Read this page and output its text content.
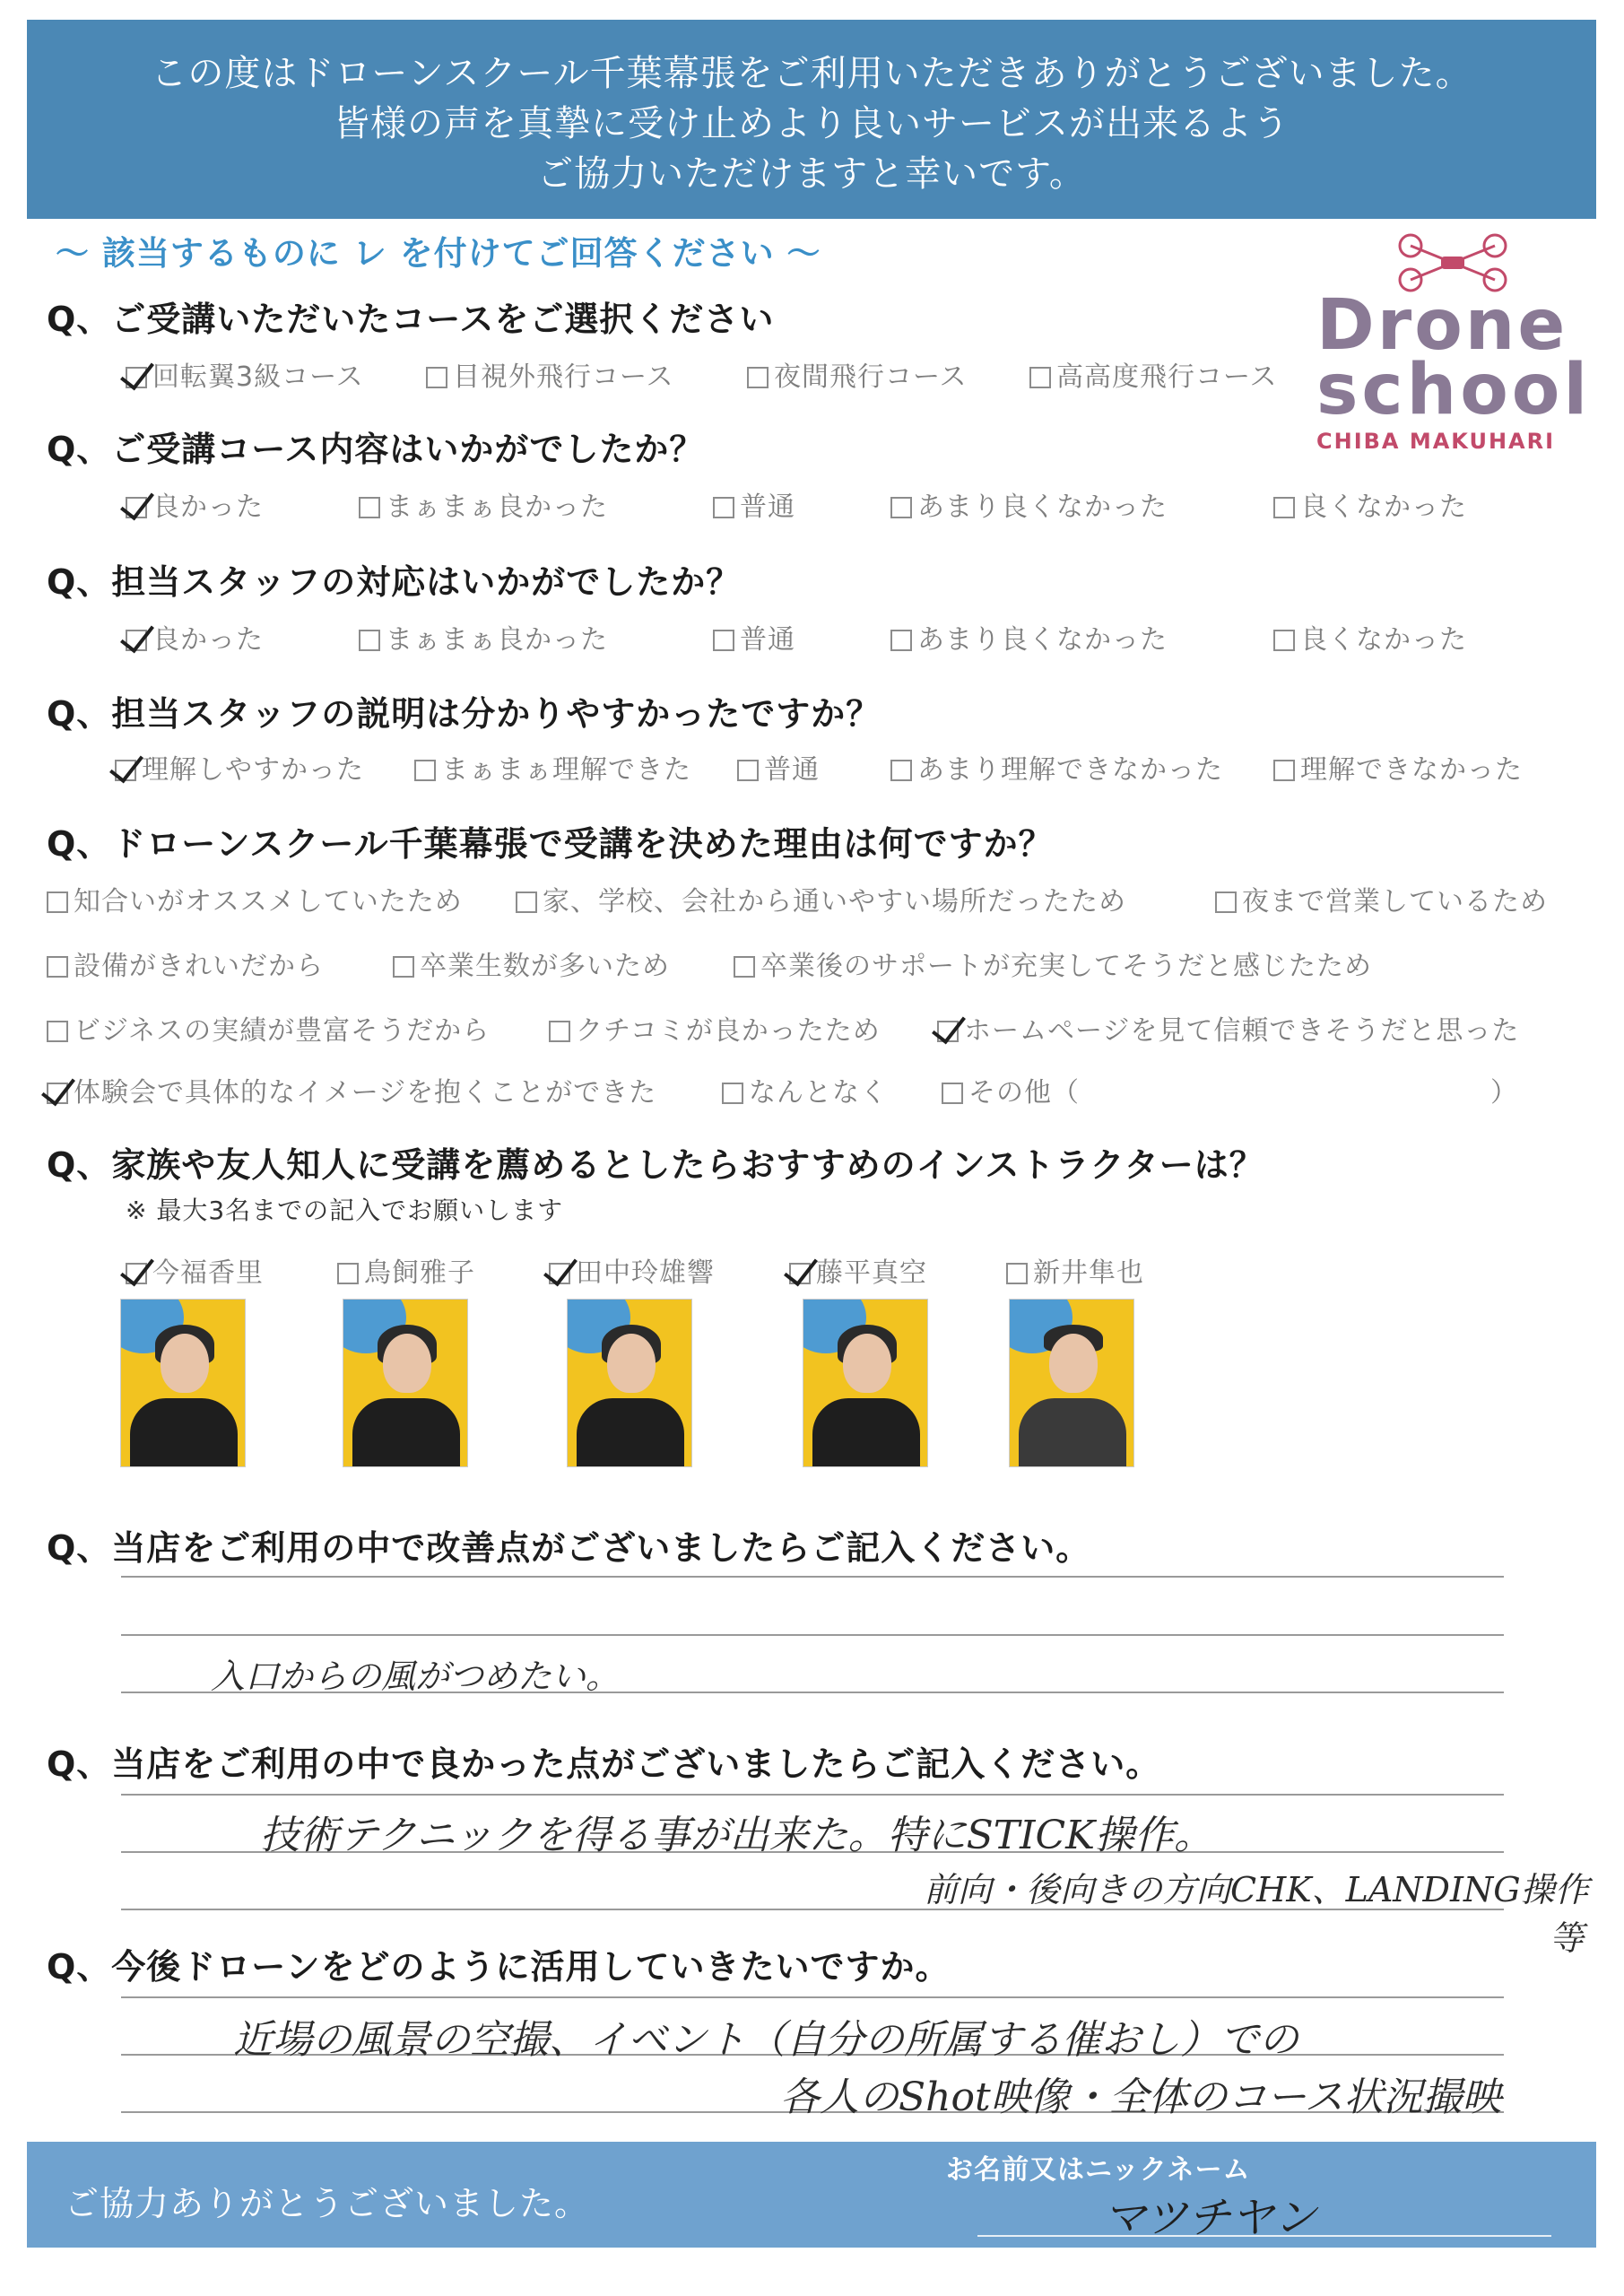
この度はドローンスクール千葉幕張をご利用いただきありがとうございました。
皆様の声を真摯に受け止めより良いサービスが出来るよう
ご協力いただけますと幸いです。
～ 該当するものに レ を付けてご回答ください ～
Drone
school
CHIBA MAKUHARI
Q、ご受講いただいたコースをご選択ください
回転翼3級コース	目視外飛行コース	夜間飛行コース	高高度飛行コース
Q、ご受講コース内容はいかがでしたか？
良かった	まぁまぁ良かった	普通	あまり良くなかった	良くなかった
Q、担当スタッフの対応はいかがでしたか？
良かった	まぁまぁ良かった	普通	あまり良くなかった	良くなかった
Q、担当スタッフの説明は分かりやすかったですか？
理解しやすかった	まぁまぁ理解できた	普通	あまり理解できなかった	理解できなかった
Q、ドローンスクール千葉幕張で受講を決めた理由は何ですか？
知合いがオススメしていたため	家、学校、会社から通いやすい場所だったため	夜まで営業しているため
設備がきれいだから	卒業生数が多いため	卒業後のサポートが充実してそうだと感じたため
ビジネスの実績が豊富そうだから	クチコミが良かったため	ホームページを見て信頼できそうだと思った
体験会で具体的なイメージを抱くことができた	なんとなく	その他（	）
Q、家族や友人知人に受講を薦めるとしたらおすすめのインストラクターは？
※ 最大3名までの記入でお願いします
今福香里	鳥飼雅子	田中玲雄響	藤平真空	新井隼也
Q、当店をご利用の中で改善点がございましたらご記入ください。
入口からの風がつめたい。
Q、当店をご利用の中で良かった点がございましたらご記入ください。
技術テクニックを得る事が出来た。特にSTICK操作。
前向・後向きの方向CHK、LANDING操作
等
Q、今後ドローンをどのように活用していきたいですか。
近場の風景の空撮、イベント（自分の所属する催おし）での
各人のShot映像・全体のコース状況撮映
ご協力ありがとうございました。
お名前又はニックネーム
マツチヤン
